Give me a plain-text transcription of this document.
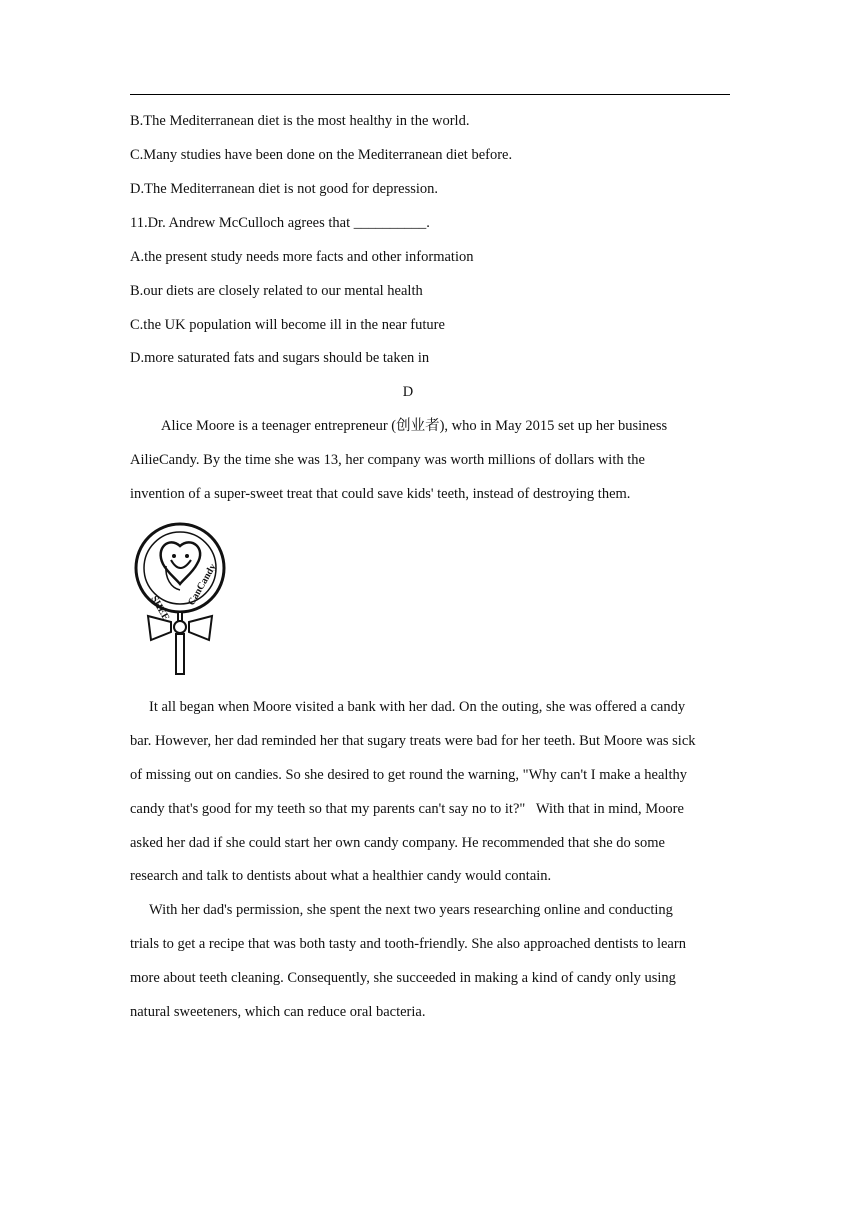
B.The Mediterranean diet is the most healthy in the world.
C.Many studies have been done on the Mediterranean diet before.
D.The Mediterranean diet is not good for depression.
11.Dr. Andrew McCulloch agrees that __________.
A.the present study needs more facts and other information
B.our diets are closely related to our mental health
C.the UK population will become ill in the near future
D.more saturated fats and sugars should be taken in
D
Alice Moore is a teenager entrepreneur (创业者), who in May 2015 set up her business
AilieCandy. By the time she was 13, her company was worth millions of dollars with the
invention of a super-sweet treat that could save kids' teeth, instead of destroying them.
SHEE
CanCandy
It all began when Moore visited a bank with her dad. On the outing, she was offered a candy
bar. However, her dad reminded her that sugary treats were bad for her teeth. But Moore was sick
of missing out on candies. So she desired to get round the warning, "Why can't I make a healthy
candy that's good for my teeth so that my parents can't say no to it?"   With that in mind, Moore
asked her dad if she could start her own candy company. He recommended that she do some
research and talk to dentists about what a healthier candy would contain.
With her dad's permission, she spent the next two years researching online and conducting
trials to get a recipe that was both tasty and tooth-friendly. She also approached dentists to learn
more about teeth cleaning. Consequently, she succeeded in making a kind of candy only using
natural sweeteners, which can reduce oral bacteria.
